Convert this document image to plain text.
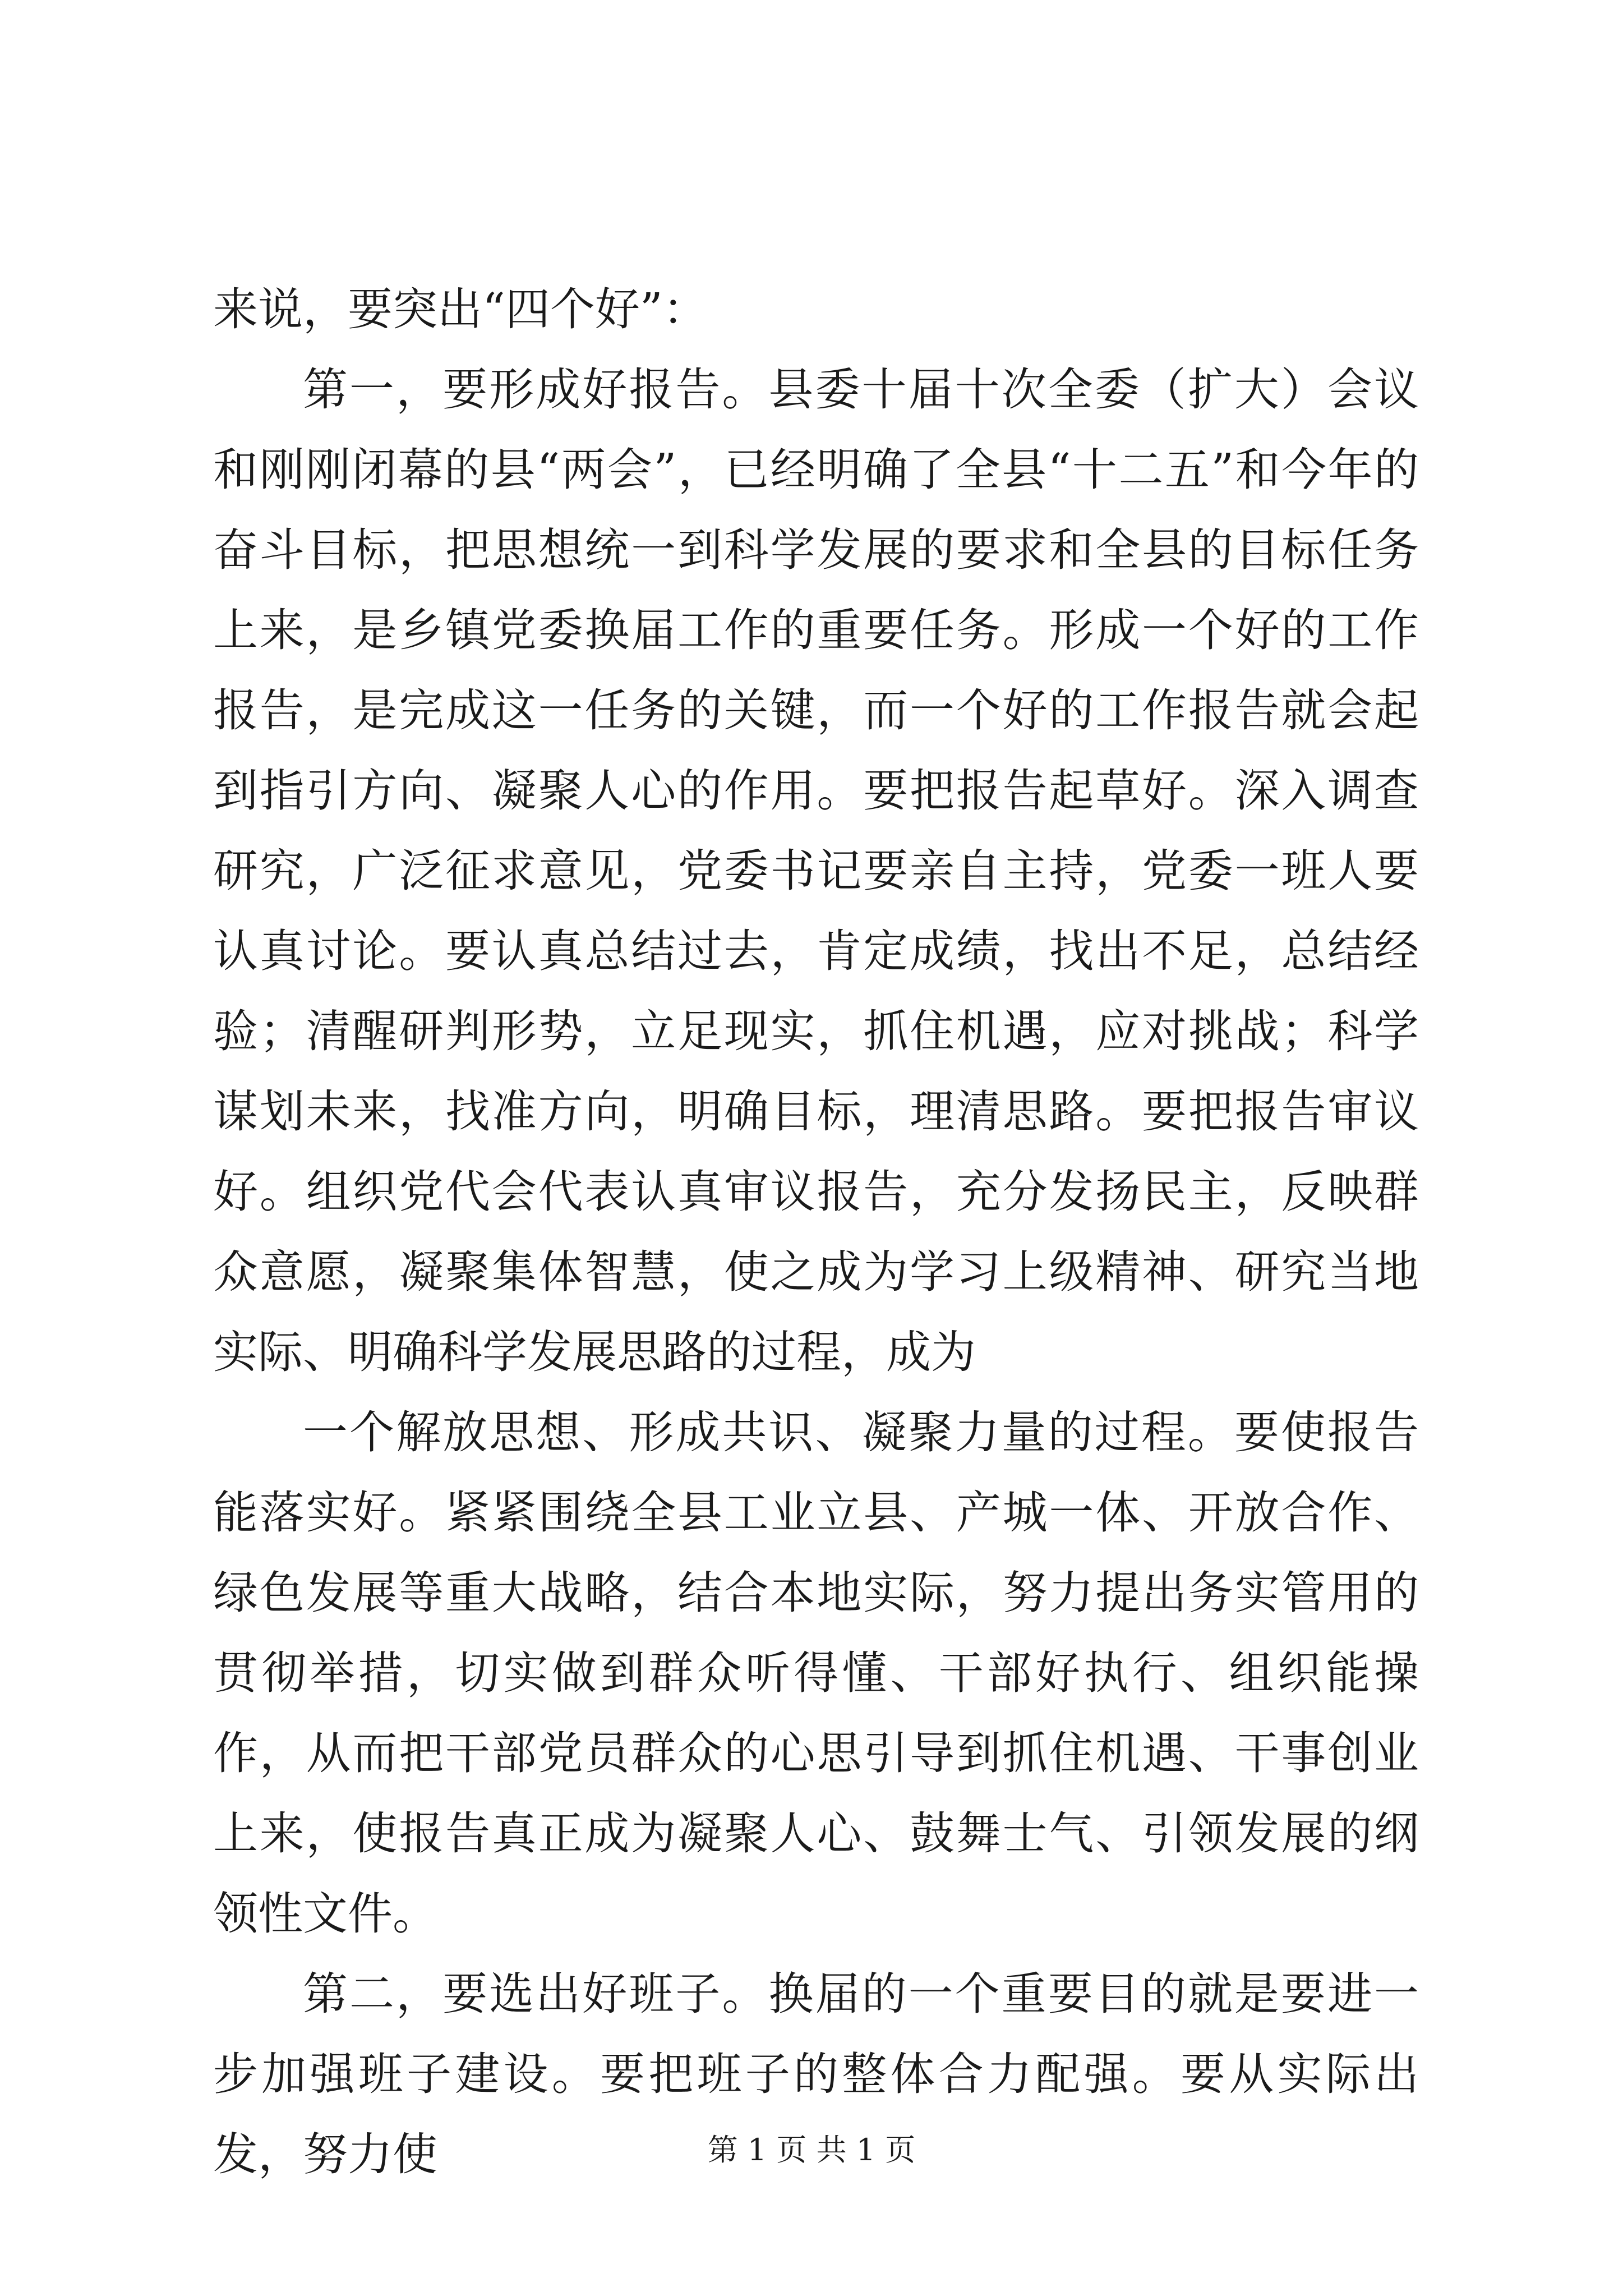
来说，要突出“四个好”：

第一，要形成好报告。县委十届十次全委（扩大）会议和刚刚闭幕的县“两会”，已经明确了全县“十二五”和今年的奋斗目标，把思想统一到科学发展的要求和全县的目标任务上来，是乡镇党委换届工作的重要任务。形成一个好的工作报告，是完成这一任务的关键，而一个好的工作报告就会起到指引方向、凝聚人心的作用。要把报告起草好。深入调查研究，广泛征求意见，党委书记要亲自主持，党委一班人要认真讨论。要认真总结过去，肯定成绩，找出不足，总结经验；清醒研判形势，立足现实，抓住机遇，应对挑战；科学谋划未来，找准方向，明确目标，理清思路。要把报告审议好。组织党代会代表认真审议报告，充分发扬民主，反映群众意愿，凝聚集体智慧，使之成为学习上级精神、研究当地实际、明确科学发展思路的过程，成为

一个解放思想、形成共识、凝聚力量的过程。要使报告能落实好。紧紧围绕全县工业立县、产城一体、开放合作、绿色发展等重大战略，结合本地实际，努力提出务实管用的贯彻举措，切实做到群众听得懂、干部好执行、组织能操作，从而把干部党员群众的心思引导到抓住机遇、干事创业上来，使报告真正成为凝聚人心、鼓舞士气、引领发展的纲领性文件。

第二，要选出好班子。换届的一个重要目的就是要进一步加强班子建设。要把班子的整体合力配强。要从实际出发，努力使	第 1 页 共 1 页
